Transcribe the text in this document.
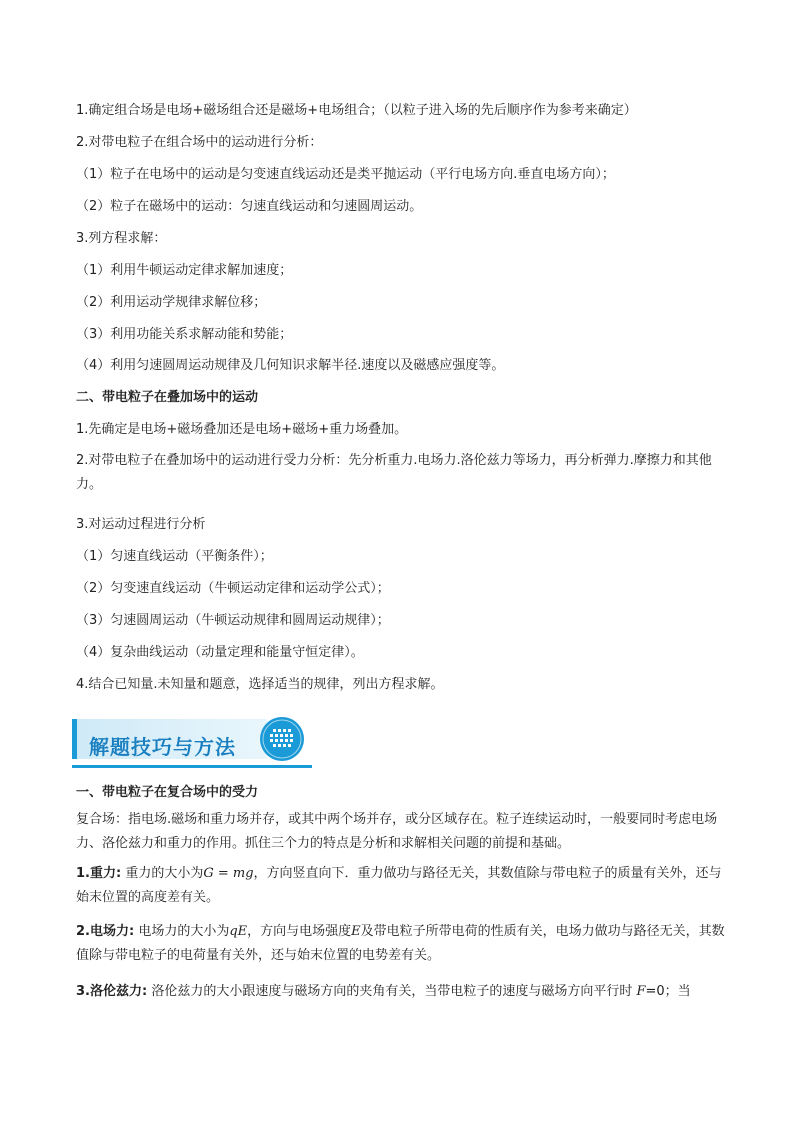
1.确定组合场是电场+磁场组合还是磁场+电场组合；（以粒子进入场的先后顺序作为参考来确定）
2.对带电粒子在组合场中的运动进行分析：
（1）粒子在电场中的运动是匀变速直线运动还是类平抛运动（平行电场方向.垂直电场方向）；
（2）粒子在磁场中的运动：匀速直线运动和匀速圆周运动。
3.列方程求解：
（1）利用牛顿运动定律求解加速度；
（2）利用运动学规律求解位移；
（3）利用功能关系求解动能和势能；
（4）利用匀速圆周运动规律及几何知识求解半径.速度以及磁感应强度等。
二、带电粒子在叠加场中的运动
1.先确定是电场+磁场叠加还是电场+磁场+重力场叠加。
2.对带电粒子在叠加场中的运动进行受力分析：先分析重力.电场力.洛伦兹力等场力，再分析弹力.摩擦力和其他力。
3.对运动过程进行分析
（1）匀速直线运动（平衡条件）；
（2）匀变速直线运动（牛顿运动定律和运动学公式）；
（3）匀速圆周运动（牛顿运动规律和圆周运动规律）；
（4）复杂曲线运动（动量定理和能量守恒定律）。
4.结合已知量.未知量和题意，选择适当的规律，列出方程求解。
解题技巧与方法
一、带电粒子在复合场中的受力
复合场：指电场.磁场和重力场并存，或其中两个场并存，或分区域存在。粒子连续运动时，一般要同时考虑电场力、洛伦兹力和重力的作用。抓住三个力的特点是分析和求解相关问题的前提和基础。
1.重力: 重力的大小为G = mg，方向竖直向下．重力做功与路径无关，其数值除与带电粒子的质量有关外，还与始末位置的高度差有关。
2.电场力: 电场力的大小为qE，方向与电场强度E及带电粒子所带电荷的性质有关，电场力做功与路径无关，其数值除与带电粒子的电荷量有关外，还与始末位置的电势差有关。
3.洛伦兹力: 洛伦兹力的大小跟速度与磁场方向的夹角有关，当带电粒子的速度与磁场方向平行时 F=0；当
